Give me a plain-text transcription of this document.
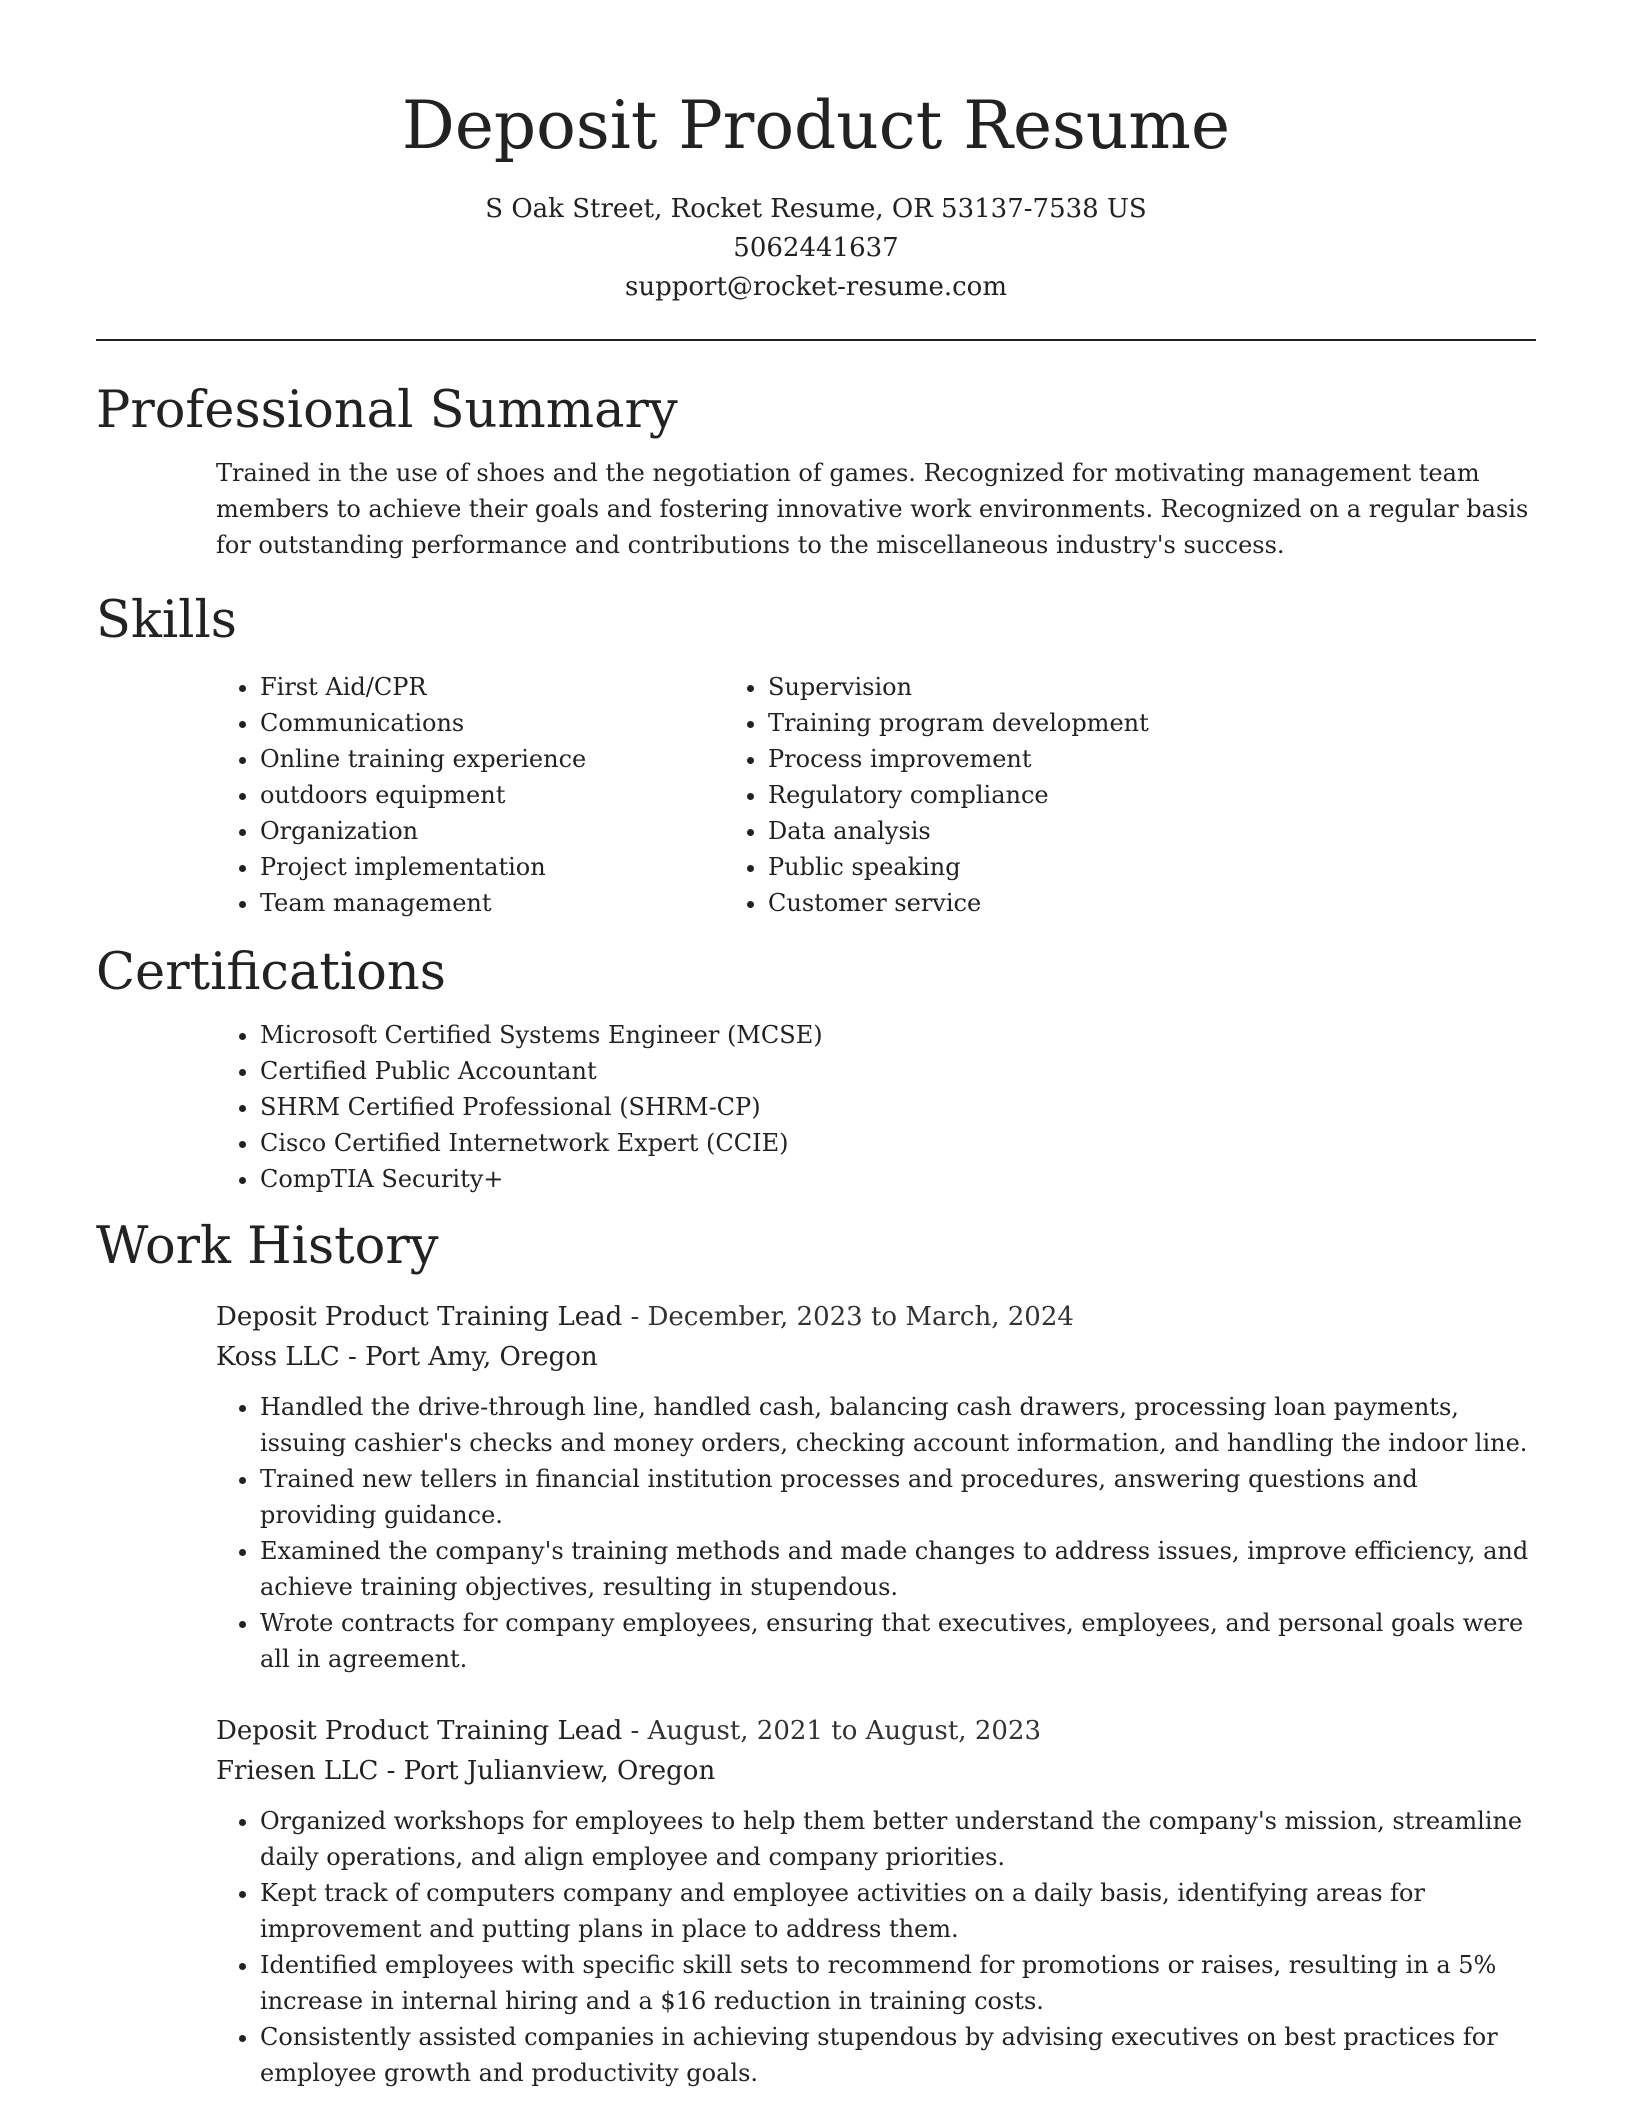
Deposit Product Resume
S Oak Street, Rocket Resume, OR 53137-7538 US
5062441637
support@rocket-resume.com
Professional Summary

Trained in the use of shoes and the negotiation of games. Recognized for motivating management team members to achieve their goals and fostering innovative work environments. Recognized on a regular basis for outstanding performance and contributions to the miscellaneous industry's success.

Skills
• First Aid/CPR
• Communications
• Online training experience
• outdoors equipment
• Organization
• Project implementation
• Team management
• Supervision
• Training program development
• Process improvement
• Regulatory compliance
• Data analysis
• Public speaking
• Customer service
Certifications
• Microsoft Certified Systems Engineer (MCSE)
• Certified Public Accountant
• SHRM Certified Professional (SHRM-CP)
• Cisco Certified Internetwork Expert (CCIE)
• CompTIA Security+
Work History
Deposit Product Training Lead - December, 2023 to March, 2024
Koss LLC - Port Amy, Oregon
• Handled the drive-through line, handled cash, balancing cash drawers, processing loan payments, issuing cashier's checks and money orders, checking account information, and handling the indoor line.
• Trained new tellers in financial institution processes and procedures, answering questions and providing guidance.
• Examined the company's training methods and made changes to address issues, improve efficiency, and achieve training objectives, resulting in stupendous.
• Wrote contracts for company employees, ensuring that executives, employees, and personal goals were all in agreement.
Deposit Product Training Lead - August, 2021 to August, 2023
Friesen LLC - Port Julianview, Oregon
• Organized workshops for employees to help them better understand the company's mission, streamline daily operations, and align employee and company priorities.
• Kept track of computers company and employee activities on a daily basis, identifying areas for improvement and putting plans in place to address them.
• Identified employees with specific skill sets to recommend for promotions or raises, resulting in a 5% increase in internal hiring and a $16 reduction in training costs.
• Consistently assisted companies in achieving stupendous by advising executives on best practices for employee growth and productivity goals.
